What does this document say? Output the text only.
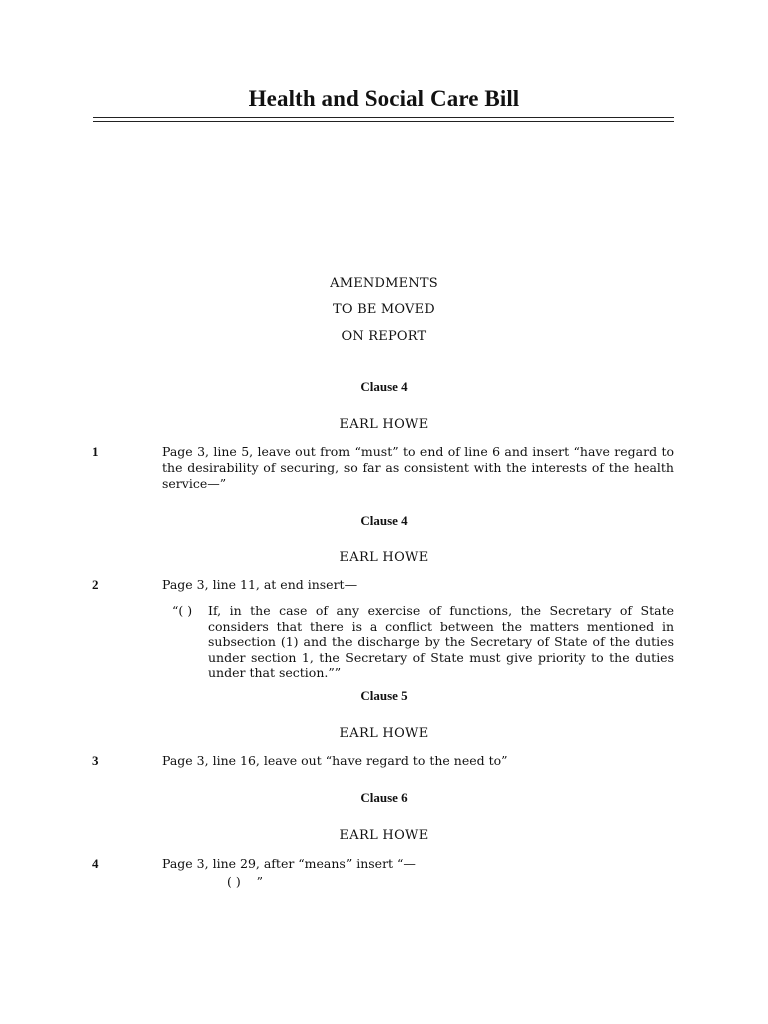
Health and Social Care Bill
AMENDMENTS
TO BE MOVED
ON REPORT
Clause 4
EARL HOWE
1	Page 3, line 5, leave out from “must” to end of line 6 and insert “have regard to the desirability of securing, so far as consistent with the interests of the health service—”
Clause 4
EARL HOWE
2	Page 3, line 11, at end insert—
“( ) If, in the case of any exercise of functions, the Secretary of State considers that there is a conflict between the matters mentioned in subsection (1) and the discharge by the Secretary of State of the duties under section 1, the Secretary of State must give priority to the duties under that section.””
Clause 5
EARL HOWE
3	Page 3, line 16, leave out “have regard to the need to”
Clause 6
EARL HOWE
4	Page 3, line 29, after “means” insert “—
( )    ”
